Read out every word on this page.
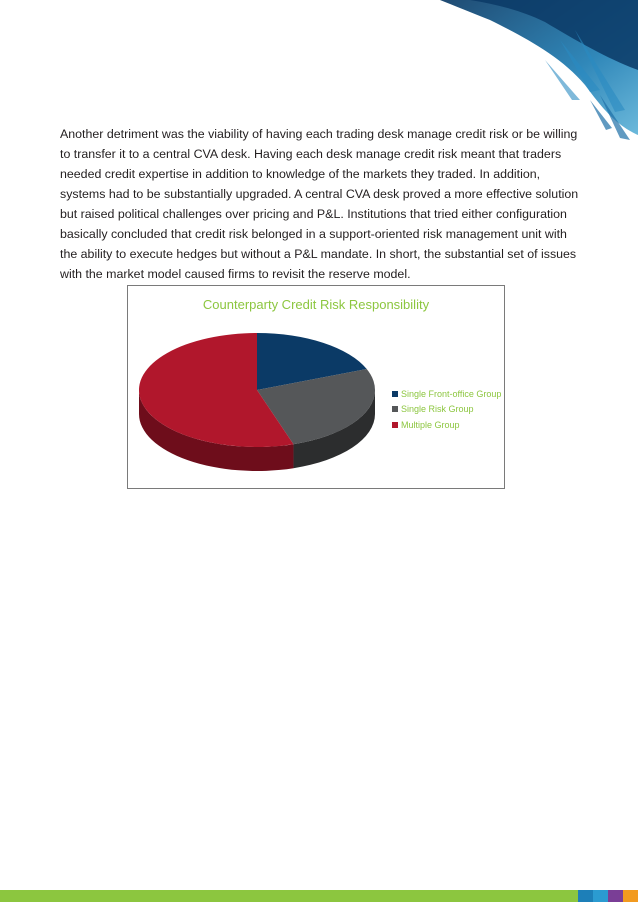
Another detriment was the viability of having each trading desk manage credit risk or be willing to transfer it to a central CVA desk. Having each desk manage credit risk meant that traders needed credit expertise in addition to knowledge of the markets they traded. In addition, systems had to be substantially upgraded. A central CVA desk proved a more effective solution but raised political challenges over pricing and P&L. Institutions that tried either configuration basically concluded that credit risk belonged in a support-oriented risk management unit with the ability to execute hedges but without a P&L mandate. In short, the substantial set of issues with the market model caused firms to revisit the reserve model.

Counterparty Credit Risk Responsibility
Single Front-office Group
Single Risk Group
Multiple Group
